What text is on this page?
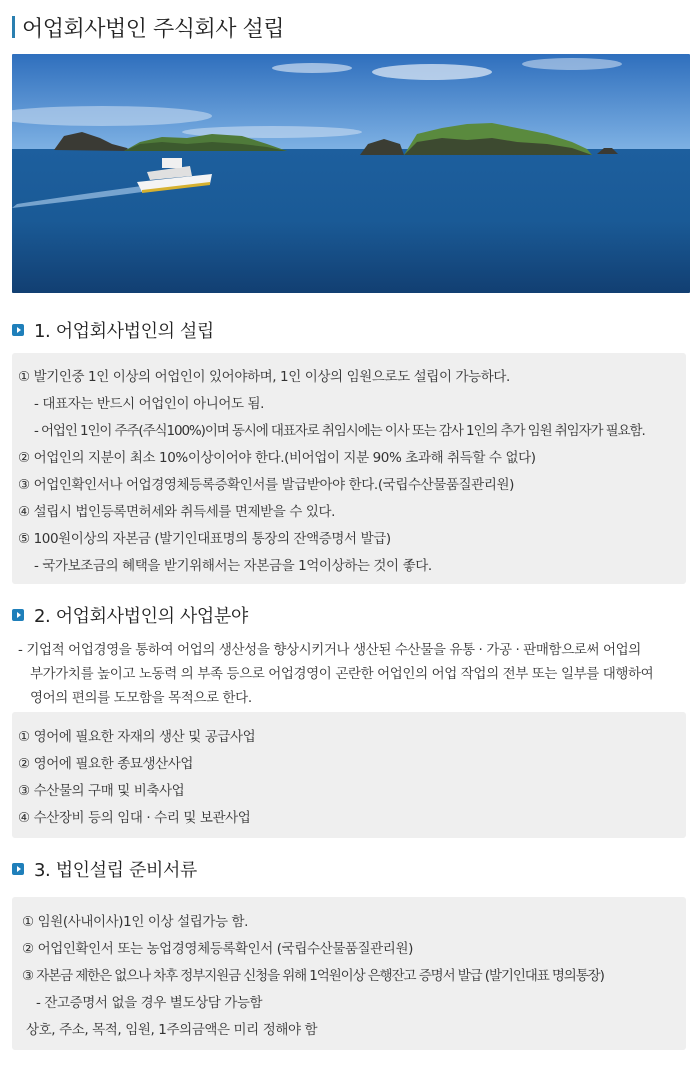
어업회사법인 주식회사 설립
1. 어업회사법인의 설립
① 발기인중 1인 이상의 어업인이 있어야하며, 1인 이상의 임원으로도 설립이 가능하다.
- 대표자는 반드시 어업인이 아니어도 됨.
- 어업인 1인이 주주(주식100%)이며 동시에 대표자로 취임시에는 이사 또는 감사 1인의 추가 임원 취임자가 필요함.
② 어업인의 지분이 최소 10%이상이어야 한다.(비어업이 지분 90% 초과해 취득할 수 없다)
③ 어업인확인서나 어업경영체등록증확인서를 발급받아야 한다.(국립수산물품질관리원)
④ 설립시 법인등록면허세와 취득세를 면제받을 수 있다.
⑤ 100원이상의 자본금 (발기인대표명의 통장의 잔액증명서 발급)
- 국가보조금의 혜택을 받기위해서는 자본금을 1억이상하는 것이 좋다.
2. 어업회사법인의 사업분야
- 기업적 어업경영을 통하여 어업의 생산성을 향상시키거나 생산된 수산물을 유통 · 가공 · 판매함으로써 어업의
부가가치를 높이고 노동력 의 부족 등으로 어업경영이 곤란한 어업인의 어업 작업의 전부 또는 일부를 대행하여
영어의 편의를 도모함을 목적으로 한다.
① 영어에 필요한 자재의 생산 및 공급사업
② 영어에 필요한 종묘생산사업
③ 수산물의 구매 및 비축사업
④ 수산장비 등의 임대 · 수리 및 보관사업
3. 법인설립 준비서류
① 임원(사내이사)1인 이상 설립가능 함.
② 어업인확인서 또는 농업경영체등록확인서 (국립수산물품질관리원)
③ 자본금 제한은 없으나 차후 정부지원금 신청을 위해 1억원이상 은행잔고 증명서 발급 (발기인대표 명의통장)
- 잔고증명서 없을 경우 별도상담 가능함
상호, 주소, 목적, 임원, 1주의금액은 미리 정해야 함
